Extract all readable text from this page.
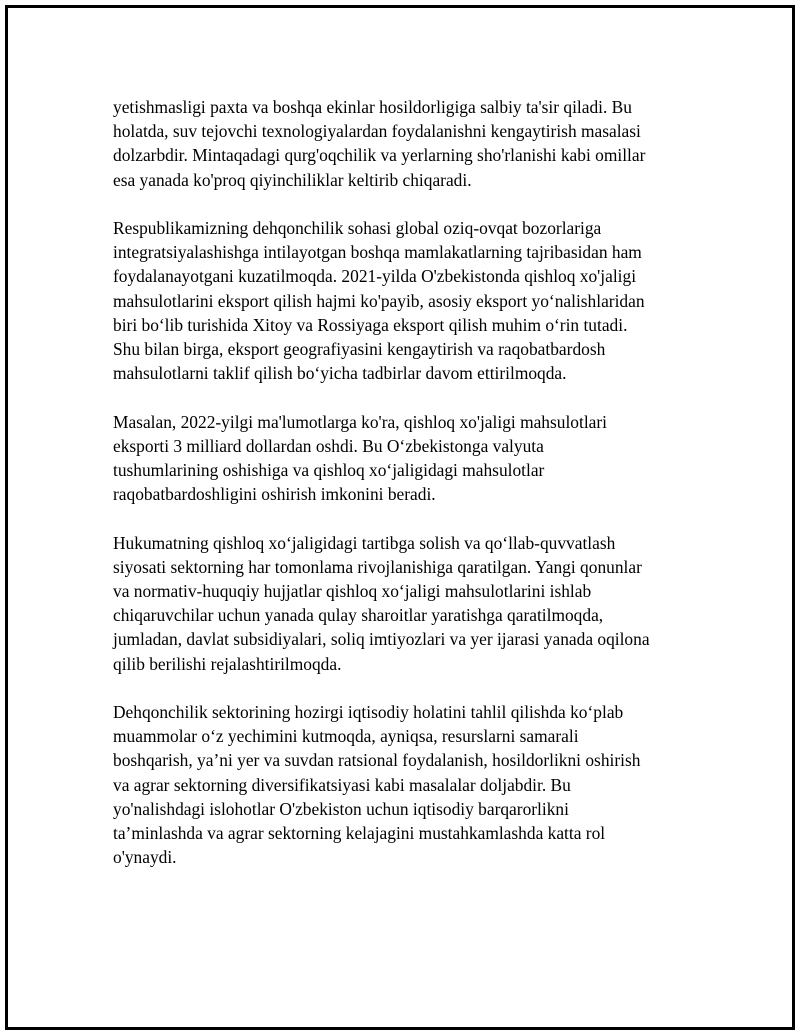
yetishmasligi paxta va boshqa ekinlar hosildorligiga salbiy ta'sir qiladi. Bu
holatda, suv tejovchi texnologiyalardan foydalanishni kengaytirish masalasi
dolzarbdir. Mintaqadagi qurg'oqchilik va yerlarning sho'rlanishi kabi omillar
esa yanada ko'proq qiyinchiliklar keltirib chiqaradi.

Respublikamizning dehqonchilik sohasi global oziq-ovqat bozorlariga
integratsiyalashishga intilayotgan boshqa mamlakatlarning tajribasidan ham
foydalanayotgani kuzatilmoqda. 2021-yilda O'zbekistonda qishloq xo'jaligi
mahsulotlarini eksport qilish hajmi ko'payib, asosiy eksport yo‘nalishlaridan
biri bo‘lib turishida Xitoy va Rossiyaga eksport qilish muhim o‘rin tutadi.
Shu bilan birga, eksport geografiyasini kengaytirish va raqobatbardosh
mahsulotlarni taklif qilish bo‘yicha tadbirlar davom ettirilmoqda.

Masalan, 2022-yilgi ma'lumotlarga ko'ra, qishloq xo'jaligi mahsulotlari
eksporti 3 milliard dollardan oshdi. Bu O‘zbekistonga valyuta
tushumlarining oshishiga va qishloq xo‘jaligidagi mahsulotlar
raqobatbardoshligini oshirish imkonini beradi.

Hukumatning qishloq xo‘jaligidagi tartibga solish va qo‘llab-quvvatlash
siyosati sektorning har tomonlama rivojlanishiga qaratilgan. Yangi qonunlar
va normativ-huquqiy hujjatlar qishloq xo‘jaligi mahsulotlarini ishlab
chiqaruvchilar uchun yanada qulay sharoitlar yaratishga qaratilmoqda,
jumladan, davlat subsidiyalari, soliq imtiyozlari va yer ijarasi yanada oqilona
qilib berilishi rejalashtirilmoqda.

Dehqonchilik sektorining hozirgi iqtisodiy holatini tahlil qilishda ko‘plab
muammolar o‘z yechimini kutmoqda, ayniqsa, resurslarni samarali
boshqarish, ya’ni yer va suvdan ratsional foydalanish, hosildorlikni oshirish
va agrar sektorning diversifikatsiyasi kabi masalalar doljabdir. Bu
yo'nalishdagi islohotlar O'zbekiston uchun iqtisodiy barqarorlikni
ta’minlashda va agrar sektorning kelajagini mustahkamlashda katta rol
o'ynaydi.
